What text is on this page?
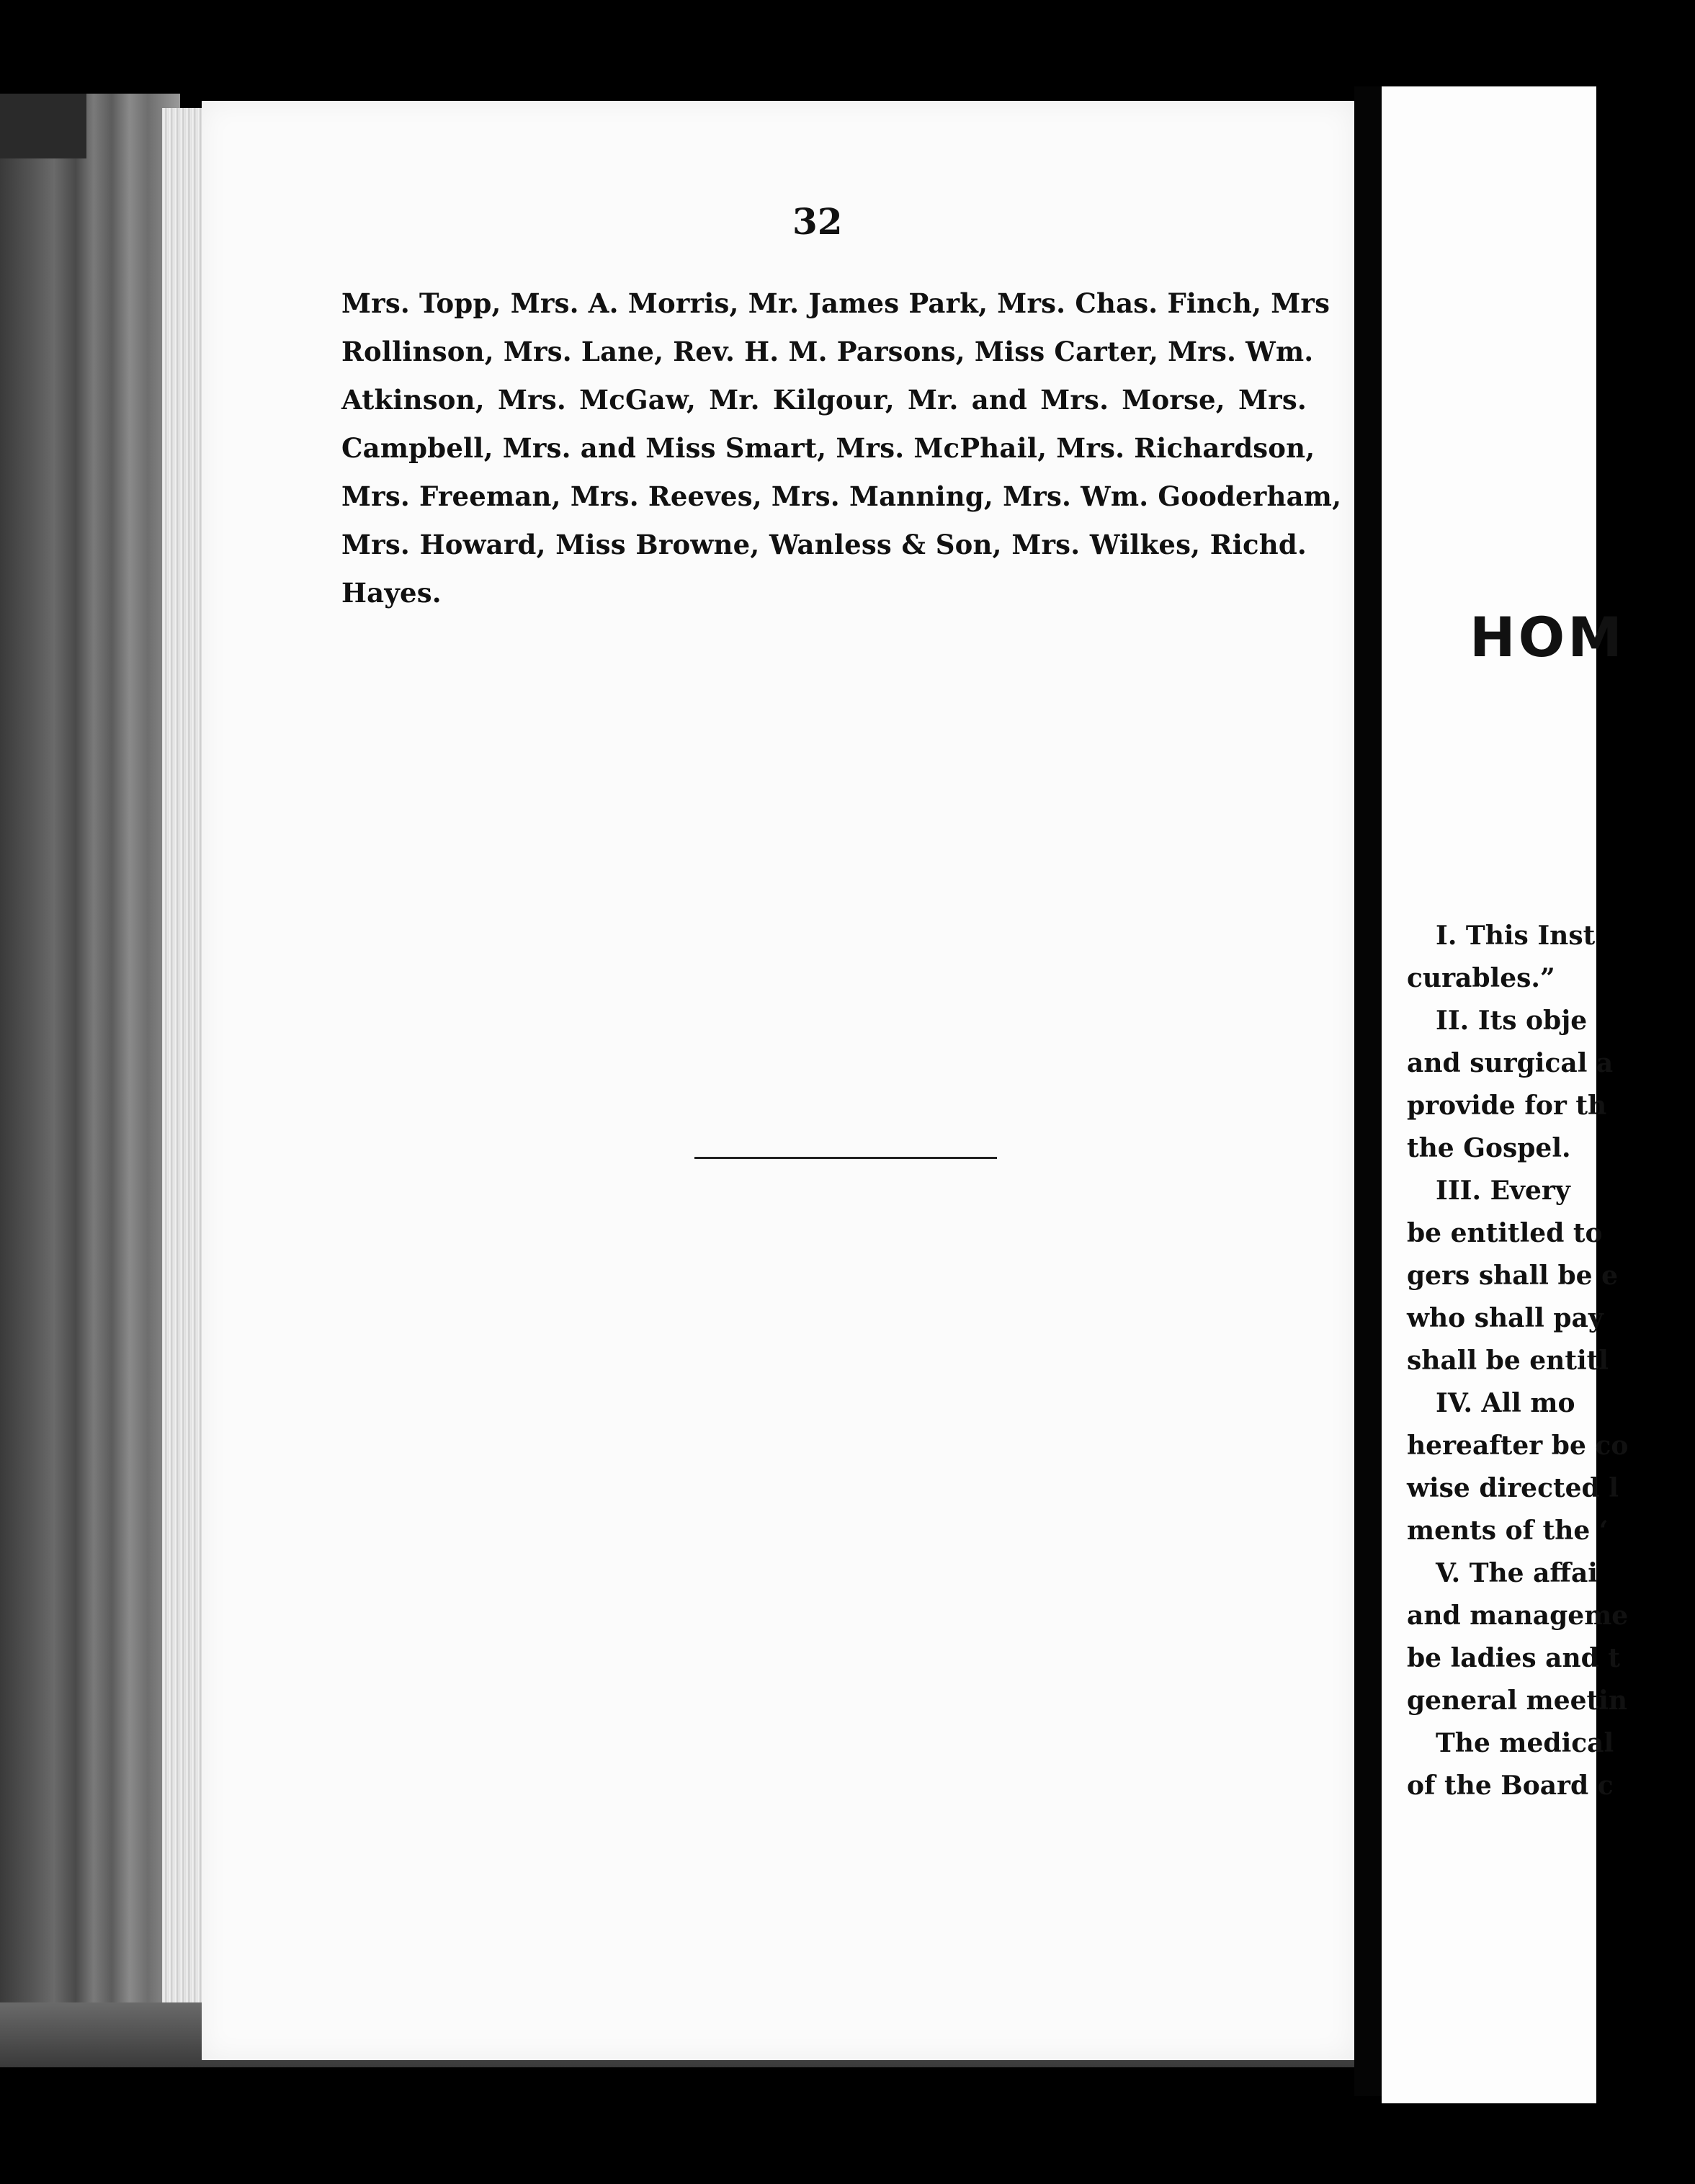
32
Mrs. Topp, Mrs. A. Morris, Mr. James Park, Mrs. Chas. Finch, Mrs
Rollinson, Mrs. Lane, Rev. H. M. Parsons, Miss Carter, Mrs. Wm.
Atkinson, Mrs. McGaw, Mr. Kilgour, Mr. and Mrs. Morse, Mrs.
Campbell, Mrs. and Miss Smart, Mrs. McPhail, Mrs. Richardson,
Mrs. Freeman, Mrs. Reeves, Mrs. Manning, Mrs. Wm. Gooderham,
Mrs. Howard, Miss Browne, Wanless & Son, Mrs. Wilkes, Richd.
Hayes.
HOM
I. This Inst
curables.”
II. Its obje
and surgical a
provide for th
the Gospel.
III. Every
be entitled to
gers shall be e
who shall pay
shall be entitl
IV. All mo
hereafter be co
wise directed l
ments of the ‘
V. The affai
and manageme
be ladies and t
general meetin
The medical
of the Board c
